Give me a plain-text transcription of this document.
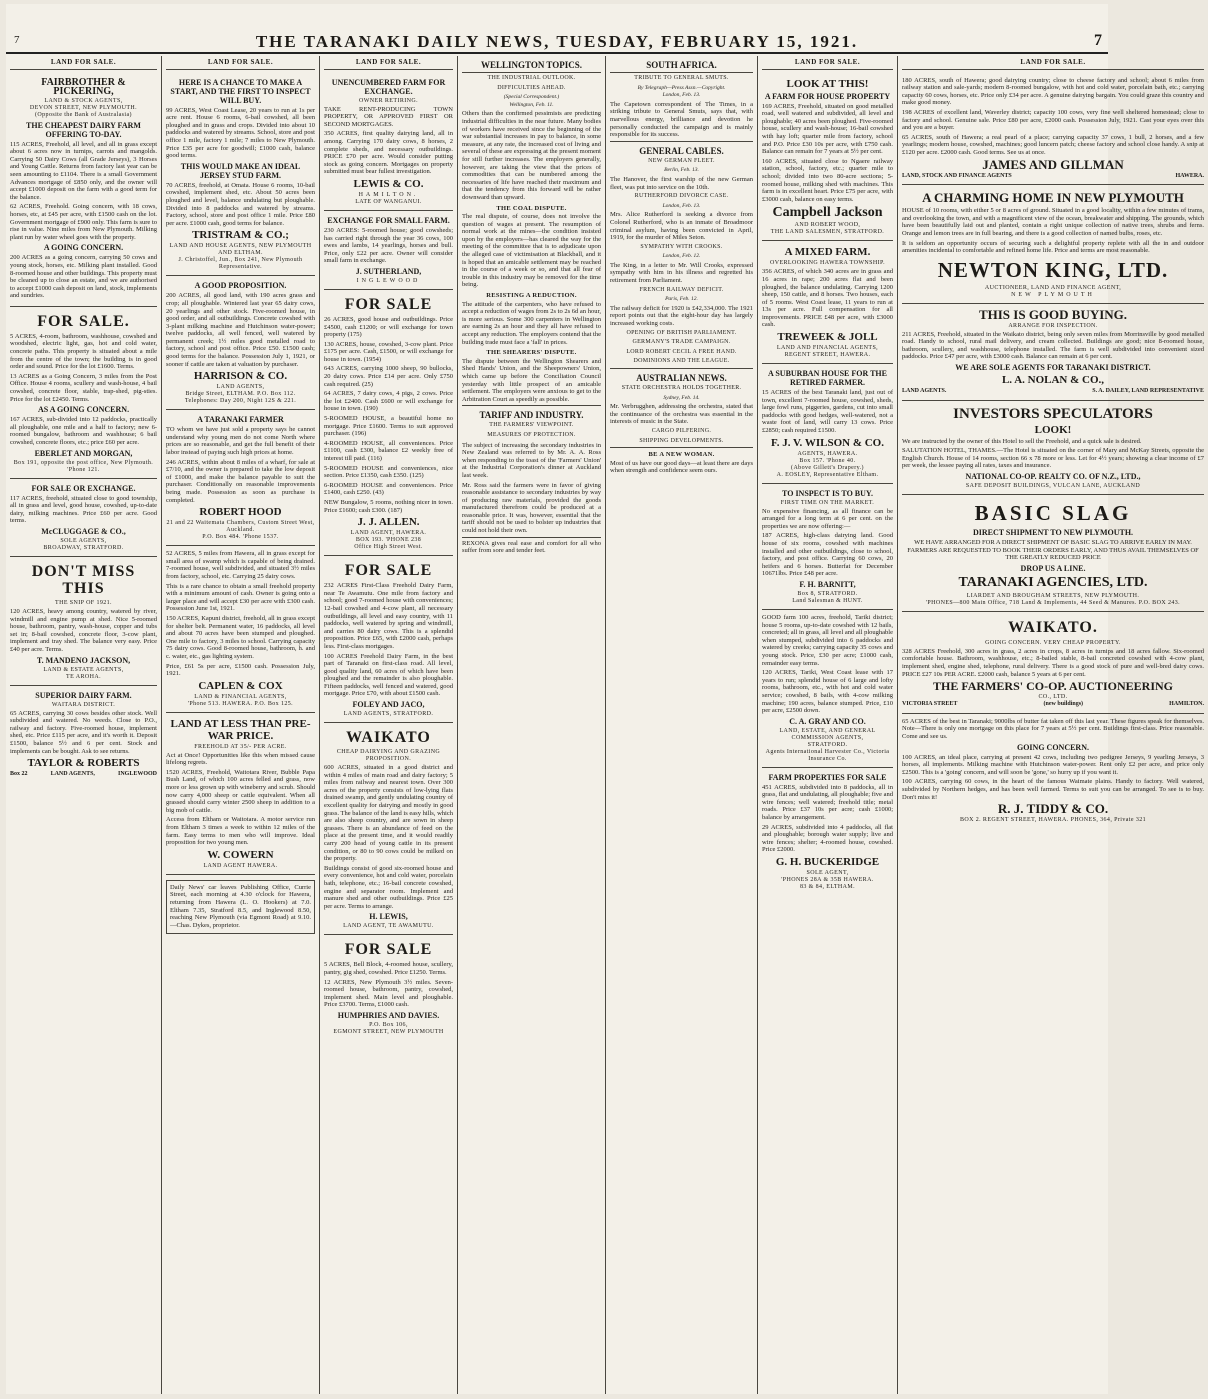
7	THE TARANAKI DAILY NEWS, TUESDAY, FEBRUARY 15, 1921.	7
LAND FOR SALE.
FAIRBROTHER & PICKERING,
LAND & STOCK AGENTS,
DEVON STREET, NEW PLYMOUTH.
(Opposite the Bank of Australasia)
THE CHEAPEST DAIRY FARM OFFERING TO-DAY.

115 ACRES, Freehold, all level, and all in grass except about 6 acres now in turnips, carrots and mangolds. Carrying 50 Dairy Cows (all Grade Jerseys), 3 Horses and Young Cattle. Returns from factory last year can be seen amounting to £1104. There is a small Government Advances mortgage of £850 only, and the owner will accept £1000 deposit on the farm with a good term for the balance.

62 ACRES, Freehold. Going concern, with 18 cows, horses, etc, at £45 per acre, with £1500 cash on the lot. Government mortgage of £900 only. This farm is sure to rise in value. Nine miles from New Plymouth. Milking plant run by water wheel goes with the property.

A GOING CONCERN.

200 ACRES as a going concern, carrying 50 cows and young stock, horses, etc. Milking plant installed. Good 8-roomed house and other buildings. This property must be cleaned up to close an estate, and we are authorised to accept £1000 cash deposit on land, stock, implements and sundries.

FOR SALE.

5 ACRES, 4-room, bathroom, washhouse, cowshed and woodshed, electric light, gas, hot and cold water, concrete paths. This property is situated about a mile from the centre of the town; the building is in good order and sound. Price for the lot £1600. Terms.

13 ACRES as a Going Concern, 3 miles from the Post Office. House 4 rooms, scullery and wash-house, 4 bail cowshed, concrete floor, stable, trap-shed, pig-sties. Price for the lot £2450. Terms.

AS A GOING CONCERN.

167 ACRES, sub-divided into 12 paddocks, practically all ploughable, one mile and a half to factory; new 6-roomed bungalow, bathroom and washhouse; 6 bail cowshed, concrete floors, etc.; price £60 per acre.

EBERLET AND MORGAN,
Box 191, opposite the post office, New Plymouth. 'Phone 121.
FOR SALE OR EXCHANGE.

117 ACRES, freehold, situated close to good township, all in grass and level, good house, cowshed, up-to-date dairy, milking machines. Price £60 per acre. Good terms.

McCLUGGAGE & CO.,
SOLE AGENTS,
BROADWAY, STRATFORD.
DON'T MISS THIS
THE SNIP OF 1921.

120 ACRES, heavy among country, watered by river, windmill and engine pump at shed. Nice 5-roomed house, bathroom, pantry, wash-house, copper and tubs set in; 8-bail cowshed, concrete floor, 3-cow plant, implement and tray shed. The balance very easy. Price £40 per acre. Terms.

T. MANDENO JACKSON,
LAND & ESTATE AGENTS,
TE AROHA.
SUPERIOR DAIRY FARM.
WAITARA DISTRICT.

65 ACRES, carrying 30 cows besides other stock. Well subdivided and watered. No weeds. Close to P.O., railway and factory. Five-roomed house, implement shed, etc. Price £115 per acre, and it's worth it. Deposit £1500, balance 5½ and 6 per cent. Stock and implements can be bought. Ask to see returns.

TAYLOR & ROBERTS
Box 22	LAND AGENTS,	INGLEWOOD
LAND FOR SALE.
HERE IS A CHANCE TO MAKE A START, AND THE FIRST TO INSPECT WILL BUY.

99 ACRES, West Coast Lease, 20 years to run at 1s per acre rent. House 6 rooms, 6-bail cowshed, all been ploughed and in grass and crops. Divided into about 10 paddocks and watered by streams. School, store and post office 1 mile, factory 1 mile; 7 miles to New Plymouth. Price £35 per acre for goodwill; £1000 cash, balance good terms.

THIS WOULD MAKE AN IDEAL JERSEY STUD FARM.

70 ACRES, freehold, at Omata. House 6 rooms, 10-bail cowshed, implement shed, etc. About 50 acres been ploughed and level, balance undulating but ploughable. Divided into 8 paddocks and watered by streams. Factory, school, store and post office 1 mile. Price £80 per acre. £1000 cash, good terms for balance.

TRISTRAM & CO.;
LAND AND HOUSE AGENTS, NEW PLYMOUTH AND ELTHAM.
J. Christoffel, Jun., Box 241, New Plymouth Representative.
A GOOD PROPOSITION.

200 ACRES, all good land, with 190 acres grass and crop; all ploughable. Wintered last year 65 dairy cows, 20 yearlings and other stock. Five-roomed house, in good order, and all outbuildings. Concrete cowshed with 3-plant milking machine and Hutchinson water-power; twelve paddocks, all well fenced, well watered by permanent creek; 1½ miles good metalled road to factory, school and post office. Price £50. £1500 cash; good terms for the balance. Possession July 1, 1921, or sooner if cattle are taken at valuation by purchaser.

HARRISON & CO.
LAND AGENTS,
Bridge Street, ELTHAM. P.O. Box 112.
Telephones: Day 200, Night 12S & 221.
A TARANAKI FARMER

TO whom we have just sold a property says he cannot understand why young men do not come North where prices are so reasonable, and get the full benefit of their labor instead of paying such high prices at home.

246 ACRES, within about 8 miles of a wharf, for sale at £7/10, and the owner is prepared to take the low deposit of £1000, and make the balance payable to suit the purchaser. Conditionally on reasonable improvements being made. Possession as soon as purchase is completed.

ROBERT HOOD
21 and 22 Waitemata Chambers, Custom Street West, Auckland.
P.O. Box 484. 'Phone 1537.

52 ACRES, 5 miles from Hawera, all in grass except for small area of swamp which is capable of being drained. 7-roomed house, well subdivided, and situated 3½ miles from factory, school, etc. Carrying 25 dairy cows.

This is a rare chance to obtain a small freehold property with a minimum amount of cash. Owner is going onto a larger place and will accept £30 per acre with £300 cash. Possession June 1st, 1921.

150 ACRES, Kapuni district, freehold, all in grass except for shelter belt. Permanent water, 16 paddocks, all level and about 70 acres have been stumped and ploughed. One mile to factory, 3 miles to school. Carrying capacity 75 dairy cows. Good 8-roomed house, bathroom, h. and c. water, etc., gas lighting system.

Price, £61 5s per acre, £1500 cash. Possession July, 1921.

CAPLEN & COX
LAND & FINANCIAL AGENTS,
'Phone 513. HAWERA. P.O. Box 125.
LAND AT LESS THAN PRE-WAR PRICE.
FREEHOLD AT 35/- PER ACRE.

Act at Once! Opportunities like this when missed cause lifelong regrets.

1520 ACRES, Freehold, Waitotara River, Bubble Papa Bush Land, of which 100 acres felled and grass, now more or less grown up with wineberry and scrub. Should now carry 4,000 sheep or cattle equivalent. When all grassed should carry winter 2500 sheep in addition to a big mob of cattle.

Access from Eltham or Waitotara. A motor service run from Eltham 3 times a week to within 12 miles of the farm. Easy terms to men who will improve. Ideal proposition for two young men.

W. COWERN
LAND AGENT HAWERA.

Daily News' car leaves Publishing Office, Currie Street, each morning at 4.30 o'clock for Hawera, returning from Hawera (L. O. Hookers) at 7.0. Eltham 7.35, Stratford 8.5, and Inglewood 8.50, reaching New Plymouth (via Egmont Road) at 9.10.—Chas. Dykes, proprietor.

LAND FOR SALE.
UNENCUMBERED FARM FOR EXCHANGE.
OWNER RETIRING.

TAKE RENT-PRODUCING TOWN PROPERTY, OR APPROVED FIRST OR SECOND MORTGAGES.

350 ACRES, first quality dairying land, all in among. Carrying 170 dairy cows, 8 horses, 2 complete sheds, and necessary outbuildings. PRICE £70 per acre. Would consider putting stock as going concern. Mortgages on property submitted must bear fullest investigation.

LEWIS & CO.
HAMILTON.
LATE OF WANGANUI.
EXCHANGE FOR SMALL FARM.

230 ACRES: 5-roomed house; good cowsheds; has carried right through the year 36 cows, 100 ewes and lambs, 14 yearlings, horses and bull. Price, only £22 per acre. Owner will consider small farm in exchange.

J. SUTHERLAND,
INGLEWOOD
FOR SALE

26 ACRES, good house and outbuildings. Price £4500, cash £1200; or will exchange for town property (175)

130 ACRES, house, cowshed, 3-cow plant. Price £175 per acre. Cash, £1500, or will exchange for house in town. (1954)

643 ACRES, carrying 1000 sheep, 90 bullocks, 20 dairy cows. Price £14 per acre. Only £750 cash required. (25)

64 ACRES, 7 dairy cows, 4 pigs, 2 cows. Price the lot £2400. Cash £600 or will exchange for house in town. (190)

5-ROOMED HOUSE, a beautiful home no mortgage. Price £1600. Terms to suit approved purchaser. (196)

4-ROOMED HOUSE, all conveniences. Price £1100, cash £300, balance £2 weekly free of interest till paid. (116)

5-ROOMED HOUSE and conveniences, nice section. Price £1350, cash £350. (125)

6-ROOMED HOUSE and conveniences. Price £1400, cash £250. (43)

NEW Bungalow, 5 rooms, nothing nicer in town. Price £1600; cash £300. (187)

J. J. ALLEN.
LAND AGENT, HAWERA.
BOX 193. 'PHONE 238
Office High Street West.
FOR SALE

232 ACRES First-Class Freehold Dairy Farm, near Te Awamutu. One mile from factory and school; good 7-roomed house with conveniences; 12-bail cowshed and 4-cow plant, all necessary outbuildings, all level and easy country, with 11 paddocks, well watered by spring and windmill, and carries 80 dairy cows. This is a splendid proposition. Price £65, with £2000 cash, perhaps less. First-class mortgages.

100 ACRES Freehold Dairy Farm, in the best part of Taranaki on first-class road. All level, good quality land, 60 acres of which have been ploughed and the remainder is also ploughable. Fifteen paddocks, well fenced and watered, good mortgage. Price £70, with about £1500 cash.

FOLEY AND JACO,
LAND AGENTS, STRATFORD.
WAIKATO
CHEAP DAIRYING AND GRAZING PROPOSITION.

600 ACRES, situated in a good district and within 4 miles of main road and dairy factory; 5 miles from railway and nearest town. Over 300 acres of the property consists of low-lying flats drained swamp, and gently undulating country of excellent quality for dairying and mostly in good grass. The balance of the land is easy hills, which are also sheep country, and are sown in sheep grasses. There is an abundance of feed on the place at the present time, and it would readily carry 200 head of young cattle in its present condition, or 80 to 90 cows could be milked on the property.

Buildings consist of good six-roomed house and every convenience, hot and cold water, porcelain bath, telephone, etc.; 16-bail concrete cowshed, engine and separator room. Implement and manure shed and other outbuildings. Price £25 per acre. Terms to arrange.

H. LEWIS,
LAND AGENT, TE AWAMUTU.
FOR SALE

5 ACRES, Bell Block, 4-roomed house, scullery, pantry, gig shed, cowshed. Price £1250. Terms.

12 ACRES, New Plymouth 3½ miles. Seven-roomed house, bathroom, pantry, cowshed, implement shed. Main level and ploughable. Price £3700. Terms, £1000 cash.

HUMPHRIES AND DAVIES.
P.O. Box 106,
EGMONT STREET, NEW PLYMOUTH
WELLINGTON TOPICS.
THE INDUSTRIAL OUTLOOK.
DIFFICULTIES AHEAD.
(Special Correspondent.)
Wellington, Feb. 11.

Others than the confirmed pessimists are predicting industrial difficulties in the near future. Many bodies of workers have received since the beginning of the war substantial increases in pay to balance, in some measure, at any rate, the increased cost of living and several of these are expressing at the present moment for still further increases. The employers generally, however, are taking the view that the prices of commodities that can be numbered among the necessaries of life have reached their maximum and that the tendency from this forward will be rather downward than upward.

THE COAL DISPUTE.

The real dispute, of course, does not involve the question of wages at present. The resumption of normal work at the mines—the condition insisted upon by the employers—has cleared the way for the meeting of the committee that is to adjudicate upon the alleged case of victimisation at Blackball, and it is hoped that an amicable settlement may be reached in the course of a week or so, and that all fear of trouble in this industry may be removed for the time being.

RESISTING A REDUCTION.

The attitude of the carpenters, who have refused to accept a reduction of wages from 2s to 2s 6d an hour, is more serious. Some 300 carpenters in Wellington are earning 2s an hour and they all have refused to accept any reduction. The employers contend that the building trade must face a 'fall' in prices.

THE SHEARERS' DISPUTE.

The dispute between the Wellington Shearers and Shed Hands' Union, and the Sheepowners' Union, which came up before the Conciliation Council yesterday with little prospect of an amicable settlement. The employers were anxious to get to the Arbitration Court as speedily as possible.

TARIFF AND INDUSTRY.
THE FARMERS' VIEWPOINT.
MEASURES OF PROTECTION.

The subject of increasing the secondary industries in New Zealand was referred to by Mr. A. A. Ross when responding to the toast of the 'Farmers' Union' at the Industrial Corporation's dinner at Auckland last week.

Mr. Ross said the farmers were in favor of giving reasonable assistance to secondary industries by way of producing raw materials, provided the goods manufactured therefrom could be produced at a reasonable price. It was, however, essential that the tariff should not be used to bolster up industries that could not hold their own.

REXONA gives real ease and comfort for all who suffer from sore and tender feet.

SOUTH AFRICA.
TRIBUTE TO GENERAL SMUTS.
By Telegraph—Press Assn.—Copyright.
London, Feb. 13.

The Capetown correspondent of The Times, in a striking tribute to General Smuts, says that, with marvellous energy, brilliance and devotion he personally conducted the campaign and is mainly responsible for its success.

GENERAL CABLES.
NEW GERMAN FLEET.
Berlin, Feb. 13.

The Hanover, the first warship of the new German fleet, was put into service on the 10th.

RUTHERFORD DIVORCE CASE.
London, Feb. 13.

Mrs. Alice Rutherford is seeking a divorce from Colonel Rutherford, who is an inmate of Broadmoor criminal asylum, having been convicted in April, 1919, for the murder of Miles Seton.

SYMPATHY WITH CROOKS.
London, Feb. 12.

The King, in a letter to Mr. Will Crooks, expressed sympathy with him in his illness and regretted his retirement from Parliament.

FRENCH RAILWAY DEFICIT.
Paris, Feb. 12.

The railway deficit for 1920 is £42,334,000. The 1921 report points out that the eight-hour day has largely increased working costs.

OPENING OF BRITISH PARLIAMENT.
GERMANY'S TRADE CAMPAIGN.
LORD ROBERT CECIL A FREE HAND.
DOMINIONS AND THE LEAGUE.
AUSTRALIAN NEWS.
STATE ORCHESTRA HOLDS TOGETHER.
Sydney, Feb. 14.

Mr. Verbrugghen, addressing the orchestra, stated that the continuance of the orchestra was essential in the interests of music in the State.

CARGO PILFERING.
SHIPPING DEVELOPMENTS.
BE A NEW WOMAN.

Most of us have our good days—at least there are days when strength and confidence seem ours.

LAND FOR SALE.
LOOK AT THIS!
A FARM FOR HOUSE PROPERTY

169 ACRES, Freehold, situated on good metalled road, well watered and subdivided, all level and ploughable; 40 acres been ploughed. Five-roomed house, scullery and wash-house; 16-bail cowshed with hay loft; quarter mile from factory, school and P.O. Price £30 10s per acre, with £750 cash. Balance can remain for 7 years at 5½ per cent.

160 ACRES, situated close to Ngaere railway station, school, factory, etc.; quarter mile to school; divided into two 80-acre sections; 5-roomed house, milking shed with machines. This farm is in excellent heart. Price £75 per acre, with £3000 cash, balance on easy terms.

Campbell Jackson
AND ROBERT WOOD,
THE LAND SALESMEN, STRATFORD.
A MIXED FARM.
OVERLOOKING HAWERA TOWNSHIP.

356 ACRES, of which 340 acres are in grass and 16 acres in rape; 200 acres flat and been ploughed, the balance undulating. Carrying 1200 sheep, 150 cattle, and 8 horses. Two houses, each of 5 rooms. West Coast lease, 11 years to run at 13s per acre. Full compensation for all improvements. PRICE £48 per acre, with £3000 cash.

TREWEEK & JOLL
LAND AND FINANCIAL AGENTS,
REGENT STREET, HAWERA.
A SUBURBAN HOUSE FOR THE RETIRED FARMER.

15 ACRES of the best Taranaki land, just out of town, excellent 7-roomed house, cowshed, sheds, large fowl runs, piggeries, gardens, cut into small paddocks with good hedges, well-watered, not a waste foot of land, will carry 13 cows. Price £2850; cash required £1500.

F. J. V. WILSON & CO.
AGENTS, HAWERA.
Box 157. 'Phone 40.
(Above Gillett's Drapery.)
A. EOSLEY, Representative Eltham.
TO INSPECT IS TO BUY.
FIRST TIME ON THE MARKET.

No expensive financing, as all finance can be arranged for a long term at 6 per cent. on the properties we are now offering:—

187 ACRES, high-class dairying land. Good house of six rooms, cowshed with machines installed and other outbuildings, close to school, factory, and post office. Carrying 60 cows, 20 heifers and 6 horses. Butterfat for December 10671lbs. Price £48 per acre.

F. H. BARNITT,
Box 8, STRATFORD.
Land Salesman & HUNT.

GOOD farm 100 acres, freehold, Tariki district; house 5 rooms, up-to-date cowshed with 12 bails, concreted; all in grass, all level and all ploughable when stumped, subdivided into 6 paddocks and watered by creeks; carrying capacity 35 cows and young stock. Price, £30 per acre; £1000 cash, remainder easy terms.

120 ACRES, Tariki, West Coast lease with 17 years to run; splendid house of 6 large and lofty rooms, bathroom, etc., with hot and cold water service; cowshed, 8 bails, with 4-cow milking machine; 190 acres, balance stumped. Price, £10 per acre, £2500 down.

C. A. GRAY AND CO.
LAND, ESTATE, AND GENERAL COMMISSION AGENTS,
STRATFORD.
Agents International Harvester Co., Victoria Insurance Co.
FARM PROPERTIES FOR SALE

451 ACRES, subdivided into 8 paddocks, all in grass, flat and undulating, all ploughable; five and wire fences; well watered; freehold title; metal roads. Price £37 10s per acre; cash £1000; balance by arrangement.

29 ACRES, subdivided into 4 paddocks, all flat and ploughable; borough water supply; live and wire fences; shelter; 4-roomed house, cowshed. Price £2000.

G. H. BUCKERIDGE
SOLE AGENT,
'PHONES 28A & 35B HAWERA.
83 & 84, ELTHAM.
LAND FOR SALE.

180 ACRES, south of Hawera; good dairying country; close to cheese factory and school; about 6 miles from railway station and sale-yards; modern 8-roomed bungalow, with hot and cold water, porcelain bath, etc.; carrying capacity 60 cows, horses, etc. Price only £34 per acre. A genuine dairying bargain. You could graze this country and make good money.

198 ACRES of excellent land, Waverley district; capacity 100 cows, very fine well sheltered homestead; close to factory and school. Genuine sale. Price £80 per acre, £2000 cash. Possession July, 1921. Cast your eyes over this and you are a buyer.

65 ACRES, south of Hawera; a real pearl of a place; carrying capacity 37 cows, 1 bull, 2 horses, and a few yearlings; modern house, cowshed, machines; good luncern patch; cheese factory and school close handy. A snip at £120 per acre. £2000 cash. Good terms. See us at once.

JAMES AND GILLMAN
LAND, STOCK AND FINANCE AGENTS	HAWERA.
A CHARMING HOME IN NEW PLYMOUTH

HOUSE of 10 rooms, with either 5 or 8 acres of ground. Situated in a good locality, within a few minutes of trams, and overlooking the town, and with a magnificent view of the ocean, breakwater and shipping. The grounds, which have been beautifully laid out and planted, contain a right unique collection of native trees, shrubs and ferns. Orange and lemon trees are in full bearing, and there is a good collection of named bulbs, roses, etc.

It is seldom an opportunity occurs of securing such a delightful property replete with all the in and outdoor amenities incidental to comfortable and refined home life. Price and terms are most reasonable.

NEWTON KING, LTD.
AUCTIONEER, LAND AND FINANCE AGENT,
NEW PLYMOUTH
THIS IS GOOD BUYING.
ARRANGE FOR INSPECTION.

211 ACRES, Freehold, situated in the Waikato district, being only seven miles from Morrinsville by good metalled road. Handy to school, rural mail delivery, and cream collected. Buildings are good; nice 8-roomed house, bathroom, scullery, and washhouse, telephone installed. The farm is well subdivided into convenient sized paddocks. Price £47 per acre, with £3000 cash. Balance can remain at 6 per cent.

WE ARE SOLE AGENTS FOR TARANAKI DISTRICT.
L. A. NOLAN & CO.,
LAND AGENTS.	S. A. DAILEY, LAND REPRESENTATIVE
INVESTORS SPECULATORS
LOOK!

We are instructed by the owner of this Hotel to sell the Freehold, and a quick sale is desired.

SALUTATION HOTEL, THAMES.—The Hotel is situated on the corner of Mary and McKay Streets, opposite the English Church. House of 14 rooms, section 66 x 78 more or less. Let for 4½ years; showing a clear income of £7 per week, the lessee paying all rates, taxes and insurance.

NATIONAL CO-OP. REALTY CO. OF N.Z., LTD.,
SAFE DEPOSIT BUILDINGS, VULCAN LANE, AUCKLAND
BASIC SLAG
DIRECT SHIPMENT TO NEW PLYMOUTH.

WE HAVE ARRANGED FOR A DIRECT SHIPMENT OF BASIC SLAG TO ARRIVE EARLY IN MAY. FARMERS ARE REQUESTED TO BOOK THEIR ORDERS EARLY, AND THUS AVAIL THEMSELVES OF THE GREATLY REDUCED PRICE

DROP US A LINE.
TARANAKI AGENCIES, LTD.
LIARDET AND BROUGHAM STREETS, NEW PLYMOUTH.
'PHONES—800 Main Office, 718 Land & Implements, 44 Seed & Manures. P.O. BOX 243.
WAIKATO.
GOING CONCERN. VERY CHEAP PROPERTY.

328 ACRES Freehold, 300 acres in grass, 2 acres in crops, 8 acres in turnips and 18 acres fallow. Six-roomed comfortable house. Bathroom, washhouse, etc.; 8-bailed stable, 8-bail concreted cowshed with 4-cow plant, implement shed, engine shed, telephone, rural delivery. There is a good stock of pure and well-bred dairy cows. PRICE £27 10s PER ACRE. £2000 cash, balance 5 years at 6 per cent.

THE FARMERS' CO-OP. AUCTIONEERING
CO., LTD.
VICTORIA STREET	(new buildings)	HAMILTON.

65 ACRES of the best in Taranaki; 9000lbs of butter fat taken off this last year. These figures speak for themselves. Note—There is only one mortgage on this place for 7 years at 5½ per cent. Buildings first-class. Price reasonable. Come and see us.

GOING CONCERN.

100 ACRES, an ideal place, carrying at present 42 cows, including two pedigree Jerseys, 9 yearling Jerseys, 3 horses, all implements. Milking machine with Hutchinson water-power. Rent only £2 per acre, and price only £2500. This is a 'going' concern, and will soon be 'gone,' so hurry up if you want it.

100 ACRES, carrying 60 cows, in the heart of the famous Waimate plains. Handy to factory. Well watered, subdivided by Northern hedges, and has been well farmed. Terms to suit you can be arranged. To see is to buy. Don't miss it!

R. J. TIDDY & CO.
BOX 2. REGENT STREET, HAWERA. PHONES, 364, Private 321
